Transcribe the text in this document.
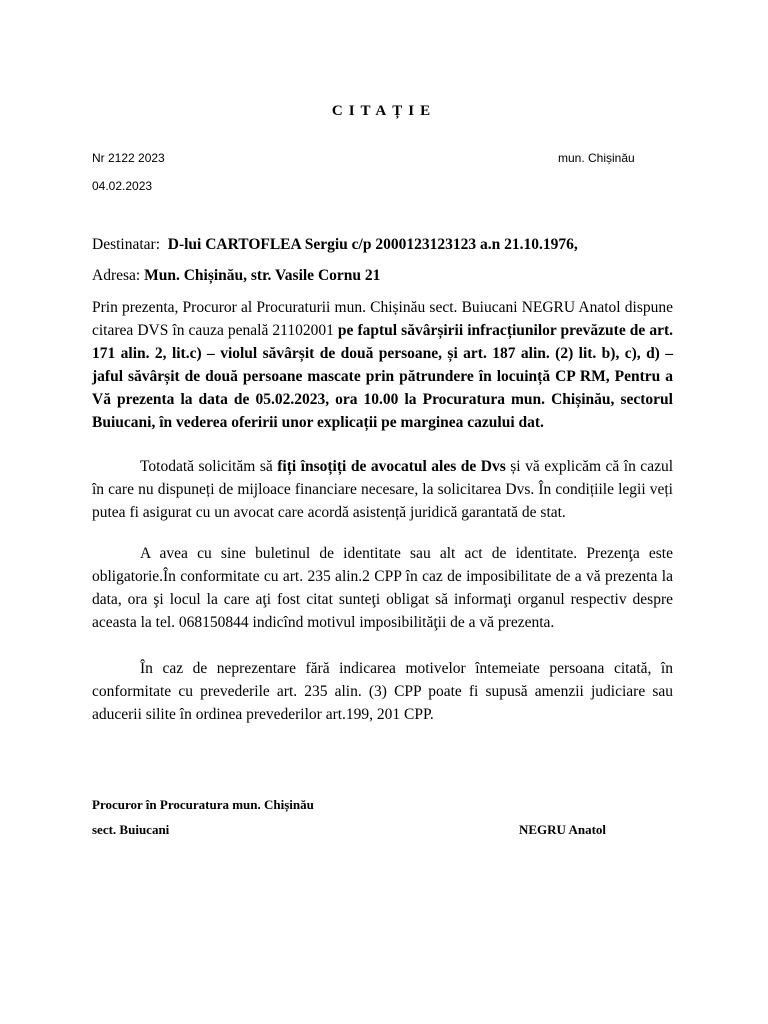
CITAȚIE
Nr 2122 2023	mun. Chișinău
04.02.2023
Destinatar: D-lui CARTOFLEA Sergiu c/p 2000123123123 a.n 21.10.1976,
Adresa: Mun. Chișinău, str. Vasile Cornu 21

Prin prezenta, Procuror al Procuraturii mun. Chișinău sect. Buiucani NEGRU Anatol dispune citarea DVS în cauza penală 21102001 pe faptul săvârșirii infracțiunilor prevăzute de art. 171 alin. 2, lit.c) – violul săvârșit de două persoane, și art. 187 alin. (2) lit. b), c), d) – jaful săvârșit de două persoane mascate prin pătrundere în locuință CP RM, Pentru a Vă prezenta la data de 05.02.2023, ora 10.00 la Procuratura mun. Chișinău, sectorul Buiucani, în vederea oferirii unor explicații pe marginea cazului dat.

Totodată solicităm să fiți însoțiți de avocatul ales de Dvs și vă explicăm că în cazul în care nu dispuneți de mijloace financiare necesare, la solicitarea Dvs. În condițiile legii veți putea fi asigurat cu un avocat care acordă asistență juridică garantată de stat.

A avea cu sine buletinul de identitate sau alt act de identitate. Prezenţa este obligatorie.În conformitate cu art. 235 alin.2 CPP în caz de imposibilitate de a vă prezenta la data, ora şi locul la care aţi fost citat sunteţi obligat să informaţi organul respectiv despre aceasta la tel. 068150844 indicînd motivul imposibilităţii de a vă prezenta.

În caz de neprezentare fără indicarea motivelor întemeiate persoana citată, în conformitate cu prevederile art. 235 alin. (3) CPP poate fi supusă amenzii judiciare sau aducerii silite în ordinea prevederilor art.199, 201 CPP.

Procuror în Procuratura mun. Chișinău
sect. Buiucani	NEGRU Anatol
